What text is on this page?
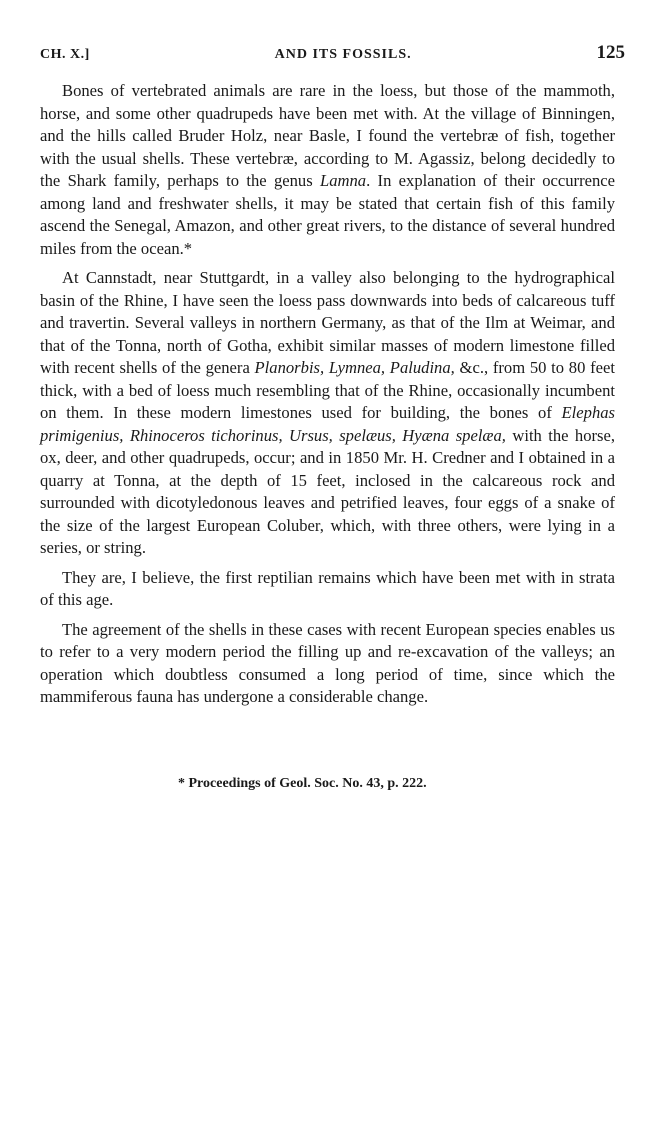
CH. X.]	AND ITS FOSSILS.	125

Bones of vertebrated animals are rare in the loess, but those of the mammoth, horse, and some other quadrupeds have been met with. At the village of Binningen, and the hills called Bruder Holz, near Basle, I found the vertebræ of fish, together with the usual shells. These vertebræ, according to M. Agassiz, belong decidedly to the Shark family, perhaps to the genus Lamna. In explanation of their occurrence among land and freshwater shells, it may be stated that certain fish of this family ascend the Senegal, Amazon, and other great rivers, to the distance of several hundred miles from the ocean.*

At Cannstadt, near Stuttgardt, in a valley also belonging to the hydrographical basin of the Rhine, I have seen the loess pass downwards into beds of calcareous tuff and travertin. Several valleys in northern Germany, as that of the Ilm at Weimar, and that of the Tonna, north of Gotha, exhibit similar masses of modern limestone filled with recent shells of the genera Planorbis, Lymnea, Paludina, &c., from 50 to 80 feet thick, with a bed of loess much resembling that of the Rhine, occasionally incumbent on them. In these modern limestones used for building, the bones of Elephas primigenius, Rhinoceros tichorinus, Ursus, spelæus, Hyæna spelæa, with the horse, ox, deer, and other quadrupeds, occur; and in 1850 Mr. H. Credner and I obtained in a quarry at Tonna, at the depth of 15 feet, inclosed in the calcareous rock and surrounded with dicotyledonous leaves and petrified leaves, four eggs of a snake of the size of the largest European Coluber, which, with three others, were lying in a series, or string.

They are, I believe, the first reptilian remains which have been met with in strata of this age.

The agreement of the shells in these cases with recent European species enables us to refer to a very modern period the filling up and re-excavation of the valleys; an operation which doubtless consumed a long period of time, since which the mammiferous fauna has undergone a considerable change.

* Proceedings of Geol. Soc. No. 43, p. 222.
